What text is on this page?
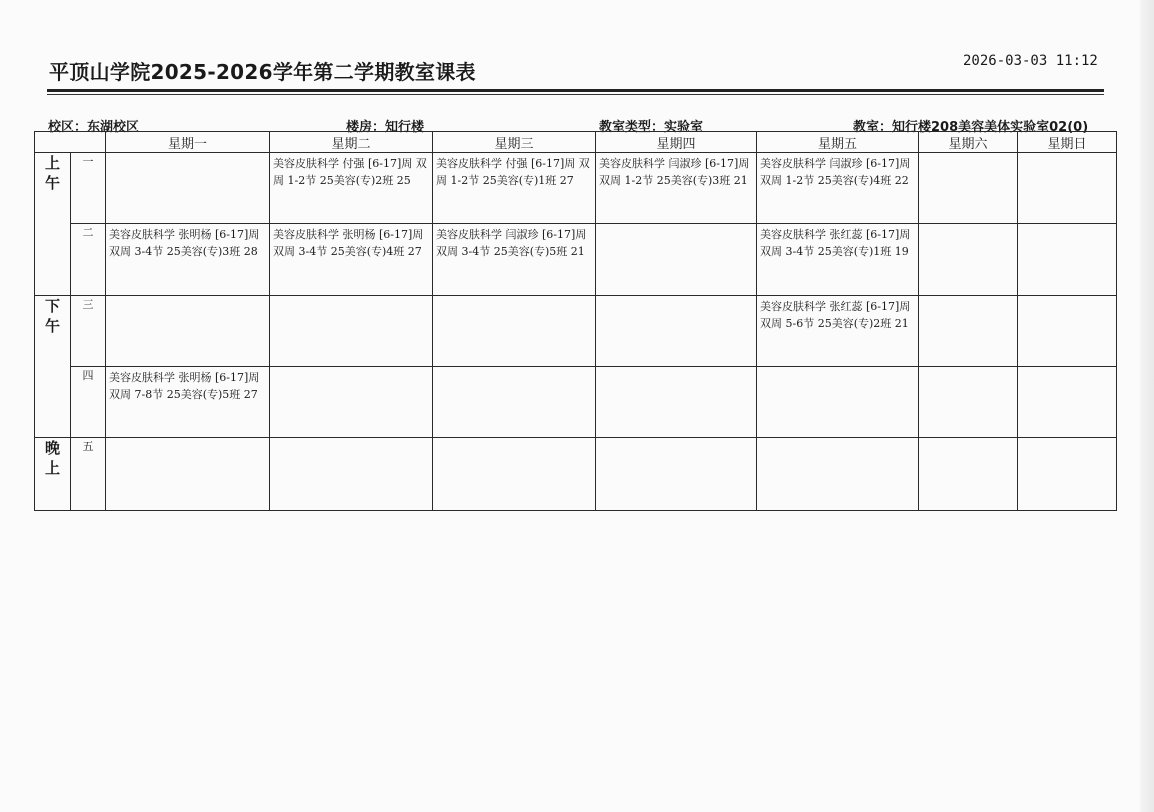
平顶山学院2025-2026学年第二学期教室课表	2026-03-03 11:12
校区：东湖校区	楼房：知行楼	教室类型：实验室	教室：知行楼208美容美体实验室02(0)
		星期一	星期二	星期三	星期四	星期五	星期六	星期日

上
午	一		美容皮肤科学 付强 [6-17]周 双周 1-2节 25美容(专)2班 25	美容皮肤科学 付强 [6-17]周 双周 1-2节 25美容(专)1班 27	美容皮肤科学 闫淑珍 [6-17]周 双周 1-2节 25美容(专)3班 21	美容皮肤科学 闫淑珍 [6-17]周 双周 1-2节 25美容(专)4班 22		

	二	美容皮肤科学 张明杨 [6-17]周 双周 3-4节 25美容(专)3班 28	美容皮肤科学 张明杨 [6-17]周 双周 3-4节 25美容(专)4班 27	美容皮肤科学 闫淑珍 [6-17]周 双周 3-4节 25美容(专)5班 21		美容皮肤科学 张红蕊 [6-17]周 双周 3-4节 25美容(专)1班 19		

下
午	三					美容皮肤科学 张红蕊 [6-17]周 双周 5-6节 25美容(专)2班 21		

	四	美容皮肤科学 张明杨 [6-17]周 双周 7-8节 25美容(专)5班 27						

晚
上	五	
